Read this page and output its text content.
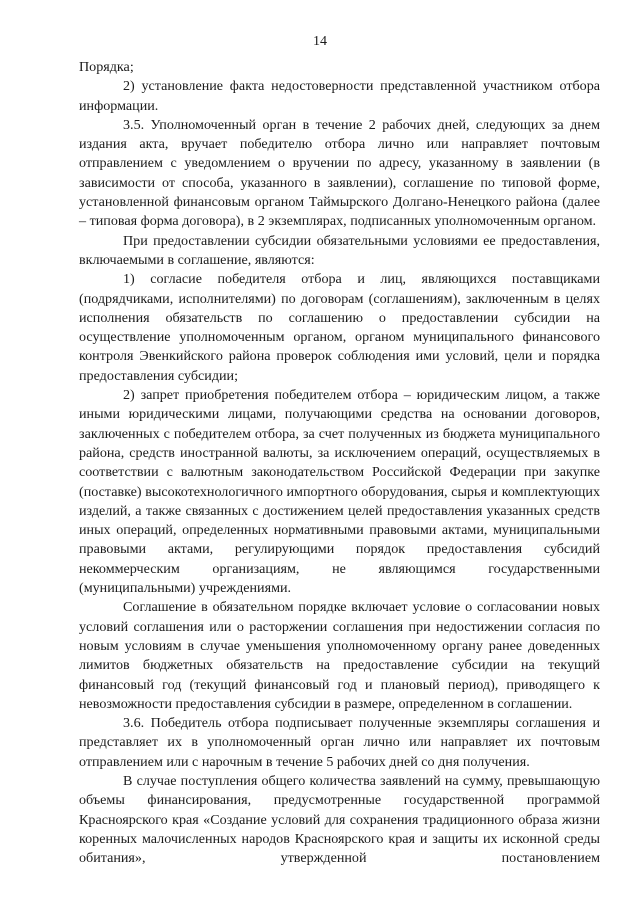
14

Порядка;

2) установление факта недостоверности представленной участником отбора информации.

3.5. Уполномоченный орган в течение 2 рабочих дней, следующих за днем издания акта, вручает победителю отбора лично или направляет почтовым отправлением с уведомлением о вручении по адресу, указанному в заявлении (в зависимости от способа, указанного в заявлении), соглашение по типовой форме, установленной финансовым органом Таймырского Долгано-Ненецкого района (далее – типовая форма договора), в 2 экземплярах, подписанных уполномоченным органом.

При предоставлении субсидии обязательными условиями ее предоставления, включаемыми в соглашение, являются:

1) согласие победителя отбора и лиц, являющихся поставщиками (подрядчиками, исполнителями) по договорам (соглашениям), заключенным в целях исполнения обязательств по соглашению о предоставлении субсидии на осуществление уполномоченным органом, органом муниципального финансового контроля Эвенкийского района проверок соблюдения ими условий, цели и порядка предоставления субсидии;

2) запрет приобретения победителем отбора – юридическим лицом, а также иными юридическими лицами, получающими средства на основании договоров, заключенных с победителем отбора, за счет полученных из бюджета муниципального района, средств иностранной валюты, за исключением операций, осуществляемых в соответствии с валютным законодательством Российской Федерации при закупке (поставке) высокотехнологичного импортного оборудования, сырья и комплектующих изделий, а также связанных с достижением целей предоставления указанных средств иных операций, определенных нормативными правовыми актами, муниципальными правовыми актами, регулирующими порядок предоставления субсидий некоммерческим организациям, не являющимся государственными (муниципальными) учреждениями.

Соглашение в обязательном порядке включает условие о согласовании новых условий соглашения или о расторжении соглашения при недостижении согласия по новым условиям в случае уменьшения уполномоченному органу ранее доведенных лимитов бюджетных обязательств на предоставление субсидии на текущий финансовый год (текущий финансовый год и плановый период), приводящего к невозможности предоставления субсидии в размере, определенном в соглашении.

3.6. Победитель отбора подписывает полученные экземпляры соглашения и представляет их в уполномоченный орган лично или направляет их почтовым отправлением или с нарочным в течение 5 рабочих дней со дня получения.

В случае поступления общего количества заявлений на сумму, превышающую объемы финансирования, предусмотренные государственной программой Красноярского края «Создание условий для сохранения традиционного образа жизни коренных малочисленных народов Красноярского края и защиты их исконной среды обитания», утвержденной постановлением
